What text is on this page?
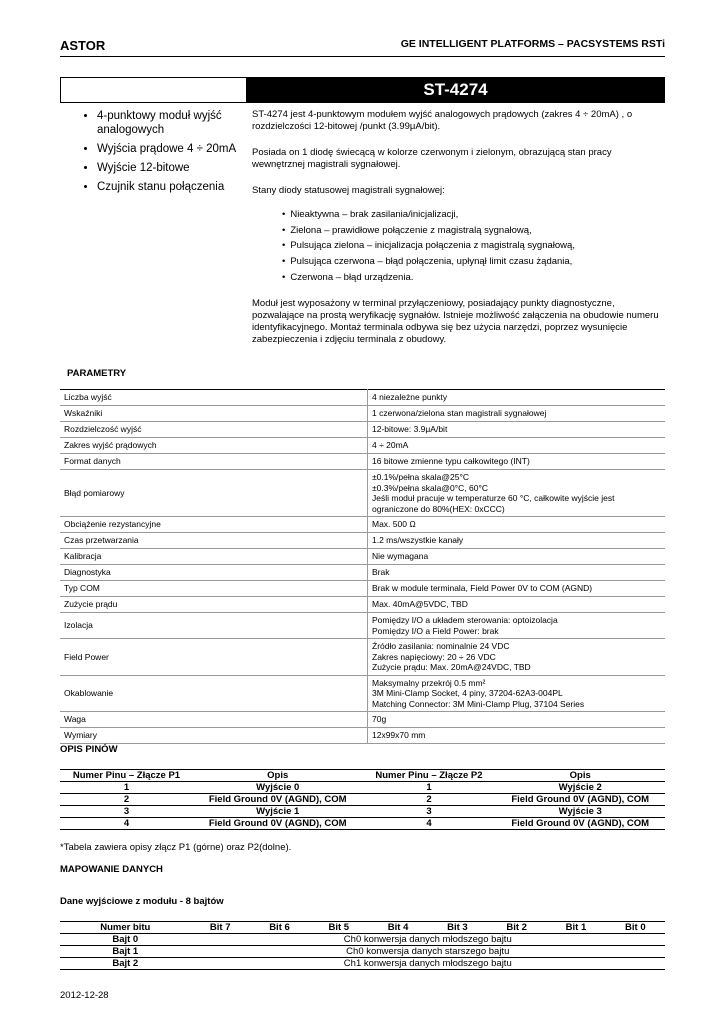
ASTOR	GE INTELLIGENT PLATFORMS – PACSYSTEMS RSTi
ST-4274
• 4-punktowy moduł wyjść analogowych
• Wyjścia prądowe 4 ÷ 20mA
• Wyjście 12-bitowe
• Czujnik stanu połączenia

ST-4274 jest 4-punktowym modułem wyjść analogowych prądowych (zakres 4 ÷ 20mA) , o rozdzielczości 12-bitowej /punkt (3.99μA/bit).

Posiada on 1 diodę świecącą w kolorze czerwonym i zielonym, obrazującą stan pracy wewnętrznej magistrali sygnałowej.

Stany diody statusowej magistrali sygnałowej:

• Nieaktywna – brak zasilania/inicjalizacji,
• Zielona – prawidłowe połączenie z magistralą sygnałową,
• Pulsująca zielona – inicjalizacja połączenia z magistralą sygnałową,
• Pulsująca czerwona – błąd połączenia, upłynął limit czasu żądania,
• Czerwona – błąd urządzenia.

Moduł jest wyposażony w terminal przyłączeniowy, posiadający punkty diagnostyczne, pozwalające na prostą weryfikację sygnałów. Istnieje możliwość załączenia na obudowie numeru identyfikacyjnego. Montaż terminala odbywa się bez użycia narzędzi, poprzez wysunięcie zabezpieczenia i zdjęciu terminala z obudowy.

PARAMETRY
Liczba wyjść	4 niezależne punkty

Wskaźniki	1 czerwona/zielona stan magistrali sygnałowej

Rozdzielczość wyjść	12-bitowe: 3.9μA/bit

Zakres wyjść prądowych	4 ÷ 20mA

Format danych	16 bitowe zmienne typu całkowitego (INT)

Błąd pomiarowy	±0.1%/pełna skala@25°C
±0.3%/pełna skala@0°C, 60°C
Jeśli moduł pracuje w temperaturze 60 °C, całkowite wyjście jest ograniczone do 80%(HEX: 0xCCC)

Obciążenie rezystancyjne	Max. 500 Ω

Czas przetwarzania	1.2 ms/wszystkie kanały

Kalibracja	Nie wymagana

Diagnostyka	Brak

Typ COM	Brak w module terminala, Field Power 0V to COM (AGND)

Zużycie prądu	Max. 40mA@5VDC, TBD

Izolacja	Pomiędzy I/O a układem sterowania: optoizolacja
Pomiędzy I/O a Field Power: brak

Field Power	Źródło zasilania: nominalnie 24 VDC
Zakres napięciowy: 20 ÷ 26 VDC
Zużycie prądu: Max. 20mA@24VDC, TBD

Okablowanie	Maksymalny przekrój 0.5 mm²
3M Mini-Clamp Socket, 4 piny, 37204-62A3-004PL
Matching Connector: 3M Mini-Clamp Plug, 37104 Series

Waga	70g

Wymiary	12x99x70 mm
OPIS PINÓW
Numer Pinu – Złącze P1	Opis	Numer Pinu – Złącze P2	Opis
1	Wyjście 0	1	Wyjście 2
2	Field Ground 0V (AGND), COM	2	Field Ground 0V (AGND), COM
3	Wyjście 1	3	Wyjście 3
4	Field Ground 0V (AGND), COM	4	Field Ground 0V (AGND), COM
*Tabela zawiera opisy złącz P1 (górne) oraz P2(dolne).
MAPOWANIE DANYCH
Dane wyjściowe z modułu - 8 bajtów
Numer bitu	Bit 7	Bit 6	Bit 5	Bit 4	Bit 3	Bit 2	Bit 1	Bit 0
Bajt 0	Ch0 konwersja danych młodszego bajtu							
Bajt 1	Ch0 konwersja danych starszego bajtu							
Bajt 2	Ch1 konwersja danych młodszego bajtu							
2012-12-28
